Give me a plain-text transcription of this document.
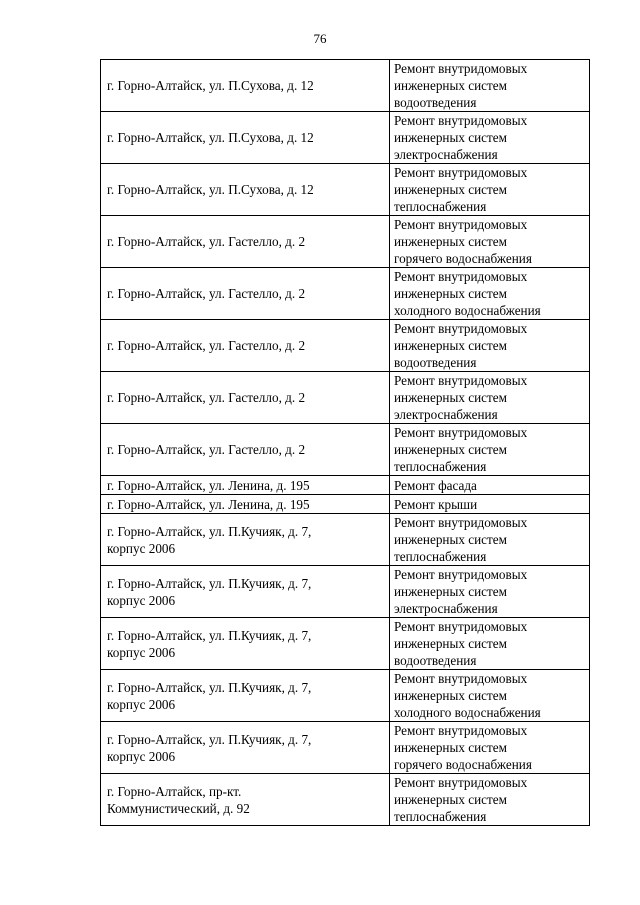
76
г. Горно-Алтайск, ул. П.Сухова, д. 12	Ремонт внутридомовых
инженерных систем
водоотведения

г. Горно-Алтайск, ул. П.Сухова, д. 12	Ремонт внутридомовых
инженерных систем
электроснабжения

г. Горно-Алтайск, ул. П.Сухова, д. 12	Ремонт внутридомовых
инженерных систем
теплоснабжения

г. Горно-Алтайск, ул. Гастелло, д. 2	Ремонт внутридомовых
инженерных систем
горячего водоснабжения

г. Горно-Алтайск, ул. Гастелло, д. 2	Ремонт внутридомовых
инженерных систем
холодного водоснабжения

г. Горно-Алтайск, ул. Гастелло, д. 2	Ремонт внутридомовых
инженерных систем
водоотведения

г. Горно-Алтайск, ул. Гастелло, д. 2	Ремонт внутридомовых
инженерных систем
электроснабжения

г. Горно-Алтайск, ул. Гастелло, д. 2	Ремонт внутридомовых
инженерных систем
теплоснабжения

г. Горно-Алтайск, ул. Ленина, д. 195	Ремонт фасада

г. Горно-Алтайск, ул. Ленина, д. 195	Ремонт крыши

г. Горно-Алтайск, ул. П.Кучияк, д. 7,
корпус 2006	Ремонт внутридомовых
инженерных систем
теплоснабжения

г. Горно-Алтайск, ул. П.Кучияк, д. 7,
корпус 2006	Ремонт внутридомовых
инженерных систем
электроснабжения

г. Горно-Алтайск, ул. П.Кучияк, д. 7,
корпус 2006	Ремонт внутридомовых
инженерных систем
водоотведения

г. Горно-Алтайск, ул. П.Кучияк, д. 7,
корпус 2006	Ремонт внутридомовых
инженерных систем
холодного водоснабжения

г. Горно-Алтайск, ул. П.Кучияк, д. 7,
корпус 2006	Ремонт внутридомовых
инженерных систем
горячего водоснабжения

г. Горно-Алтайск, пр-кт.
Коммунистический, д. 92	Ремонт внутридомовых
инженерных систем
теплоснабжения
